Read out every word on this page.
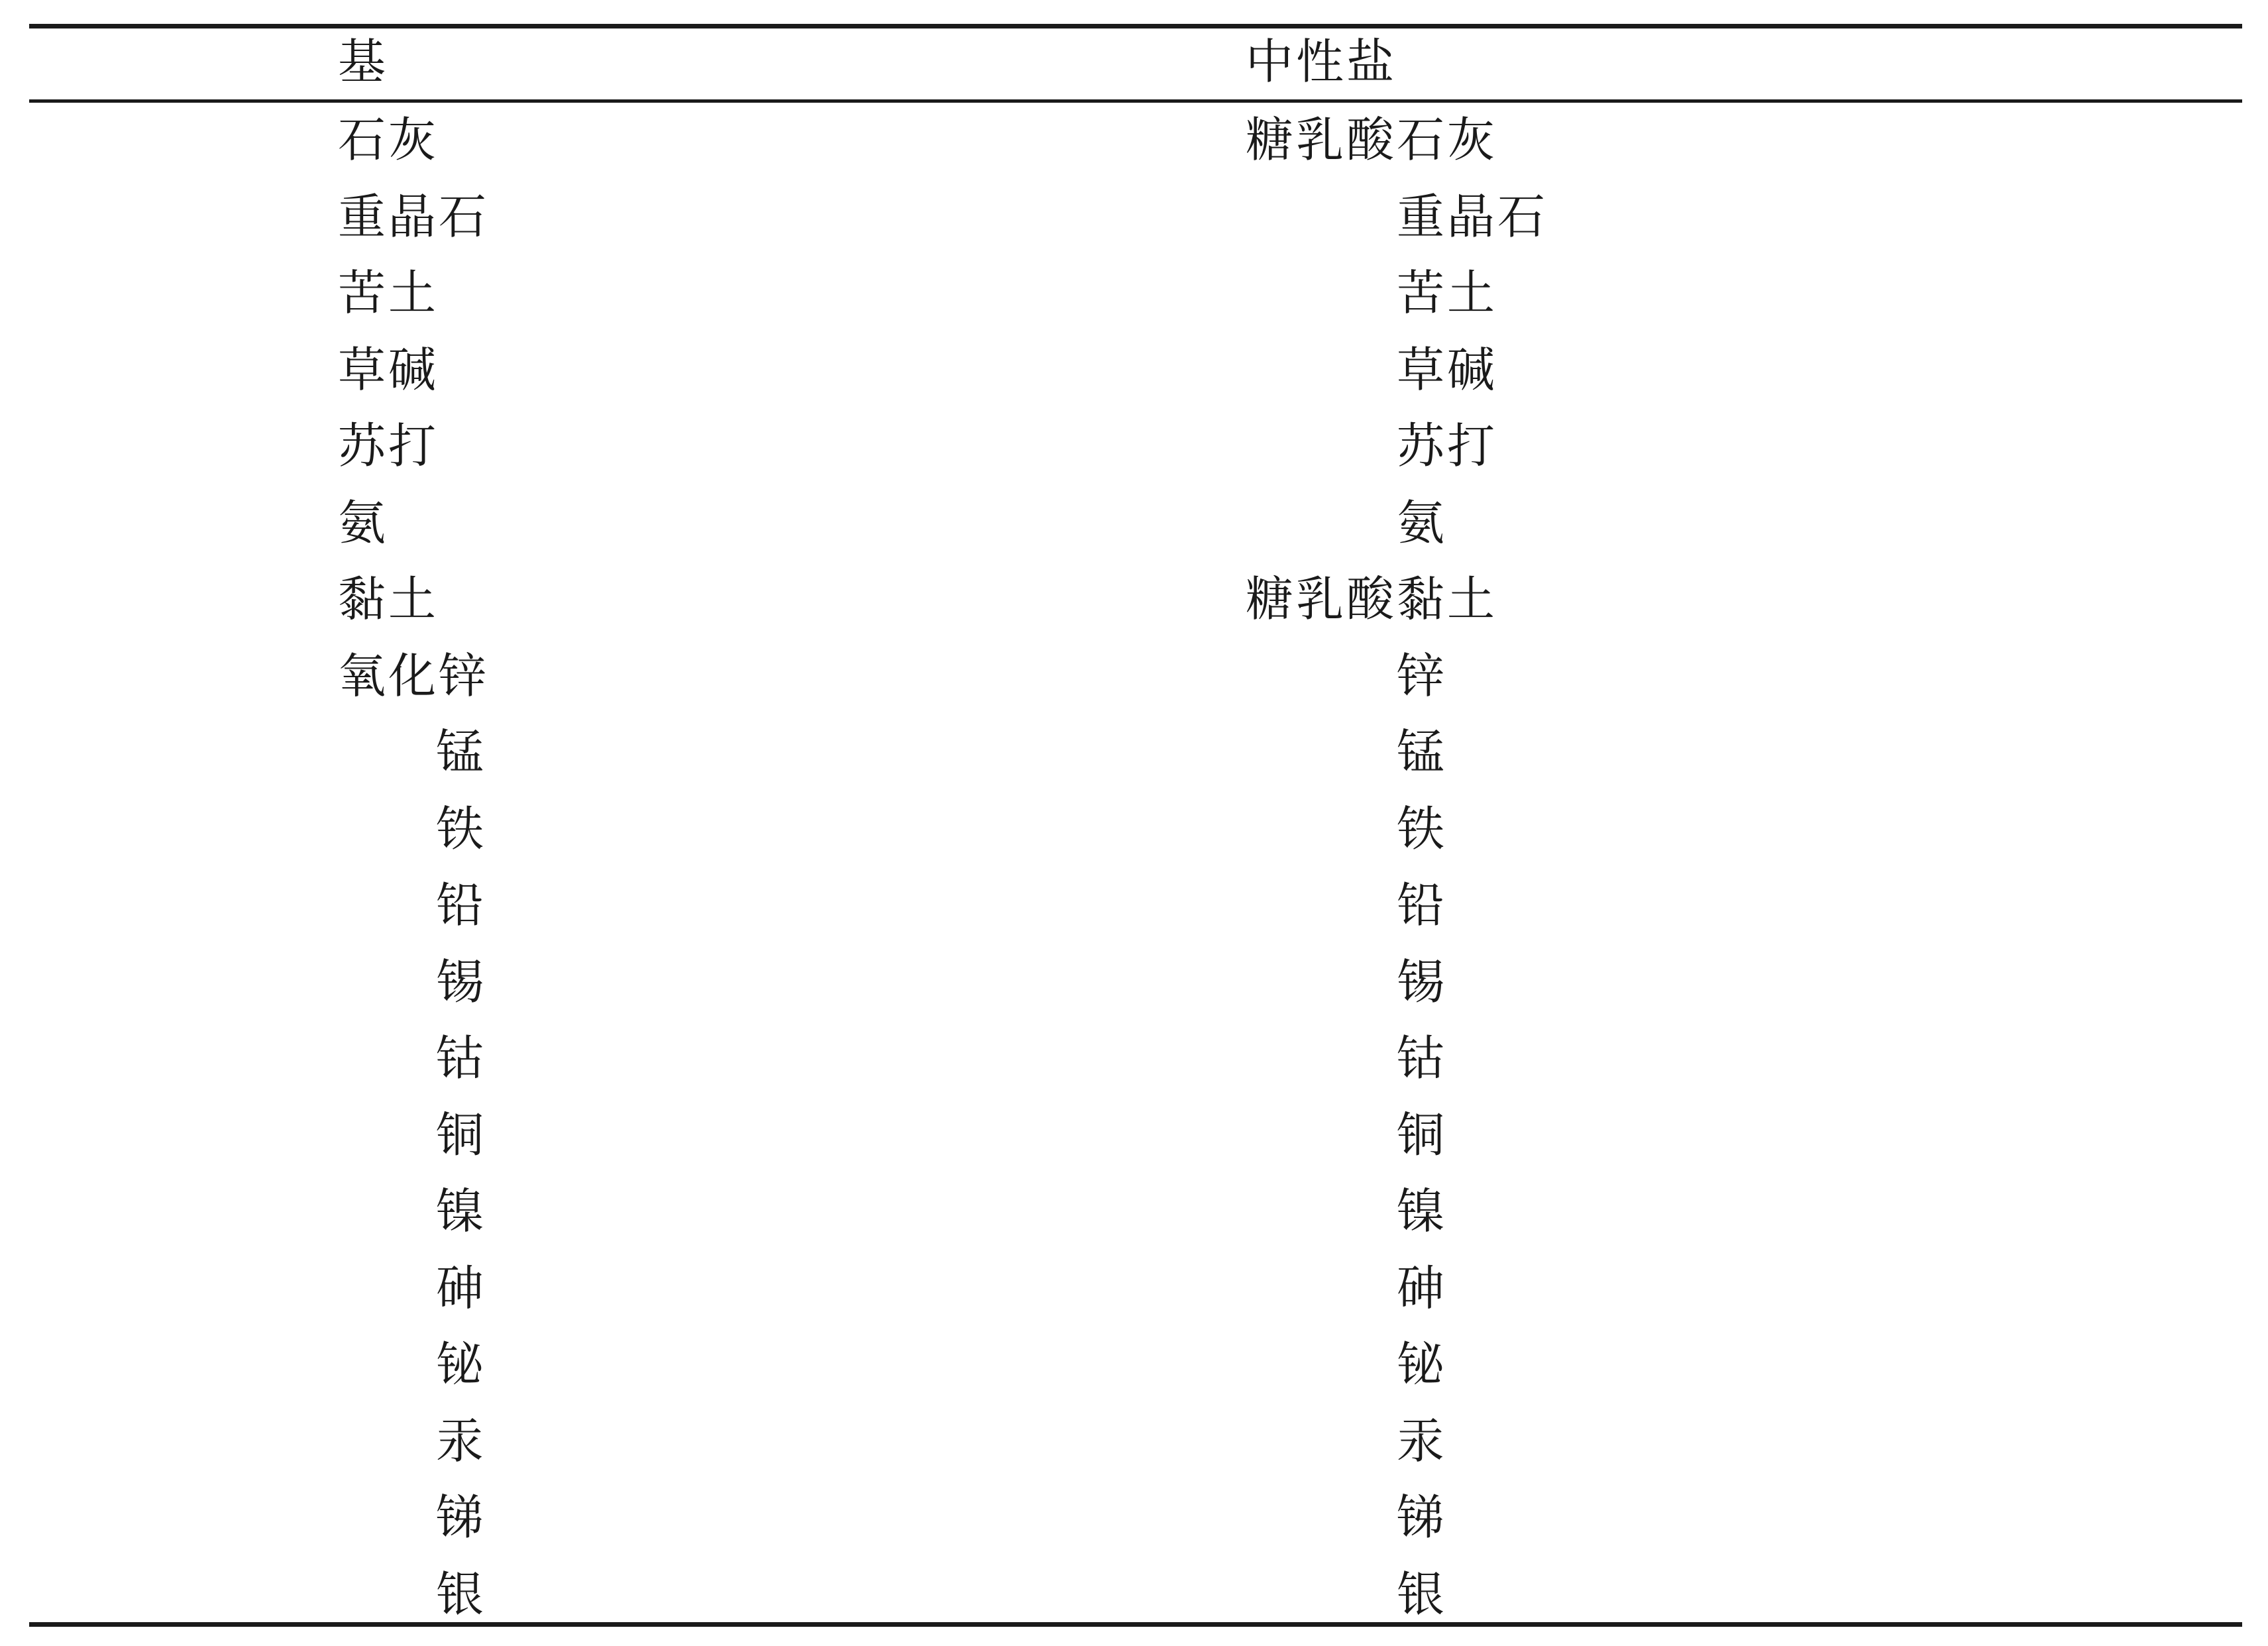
基	中性盐
石灰	糖乳酸石灰
重晶石	重晶石
苦土	苦土
草碱	草碱
苏打	苏打
氨	氨
黏土	糖乳酸黏土
氧化锌	锌
锰	锰
铁	铁
铅	铅
锡	锡
钴	钴
铜	铜
镍	镍
砷	砷
铋	铋
汞	汞
锑	锑
银	银
